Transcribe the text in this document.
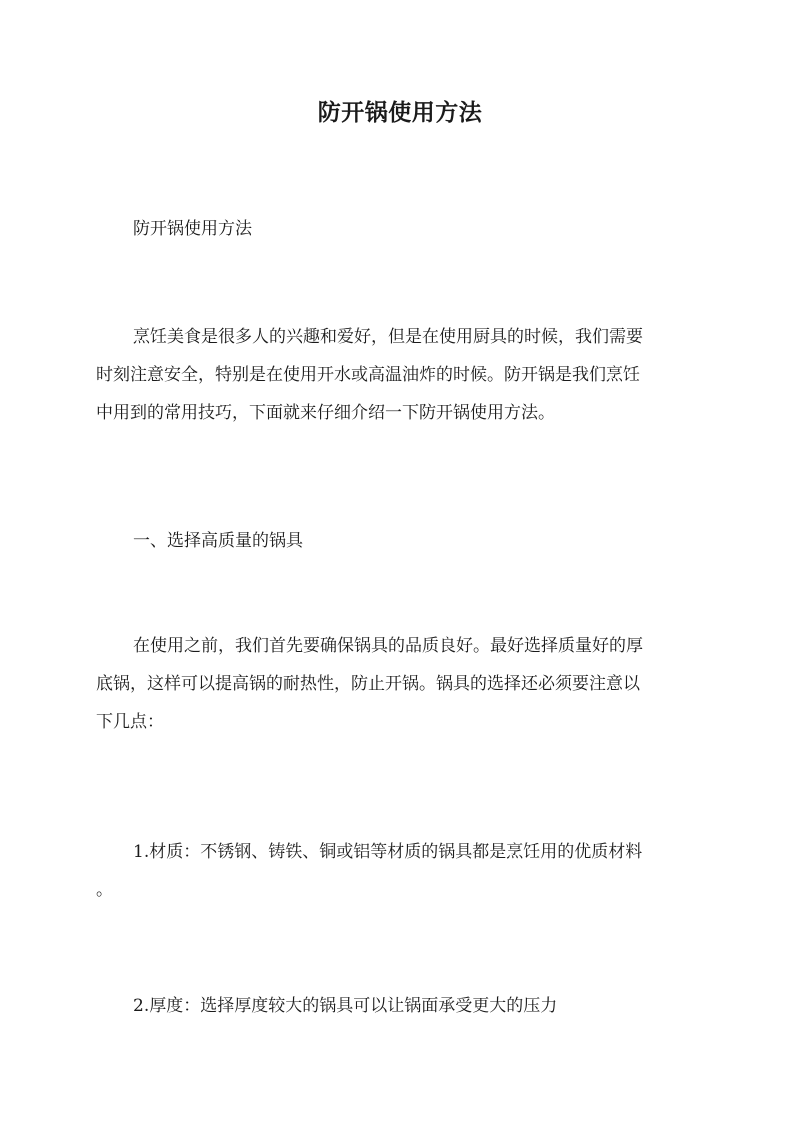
防开锅使用方法
防开锅使用方法
烹饪美食是很多人的兴趣和爱好，但是在使用厨具的时候，我们需要
时刻注意安全，特别是在使用开水或高温油炸的时候。防开锅是我们烹饪
中用到的常用技巧，下面就来仔细介绍一下防开锅使用方法。
一、选择高质量的锅具
在使用之前，我们首先要确保锅具的品质良好。最好选择质量好的厚
底锅，这样可以提高锅的耐热性，防止开锅。锅具的选择还必须要注意以
下几点：
1.材质：不锈钢、铸铁、铜或铝等材质的锅具都是烹饪用的优质材料
。
2.厚度：选择厚度较大的锅具可以让锅面承受更大的压力
